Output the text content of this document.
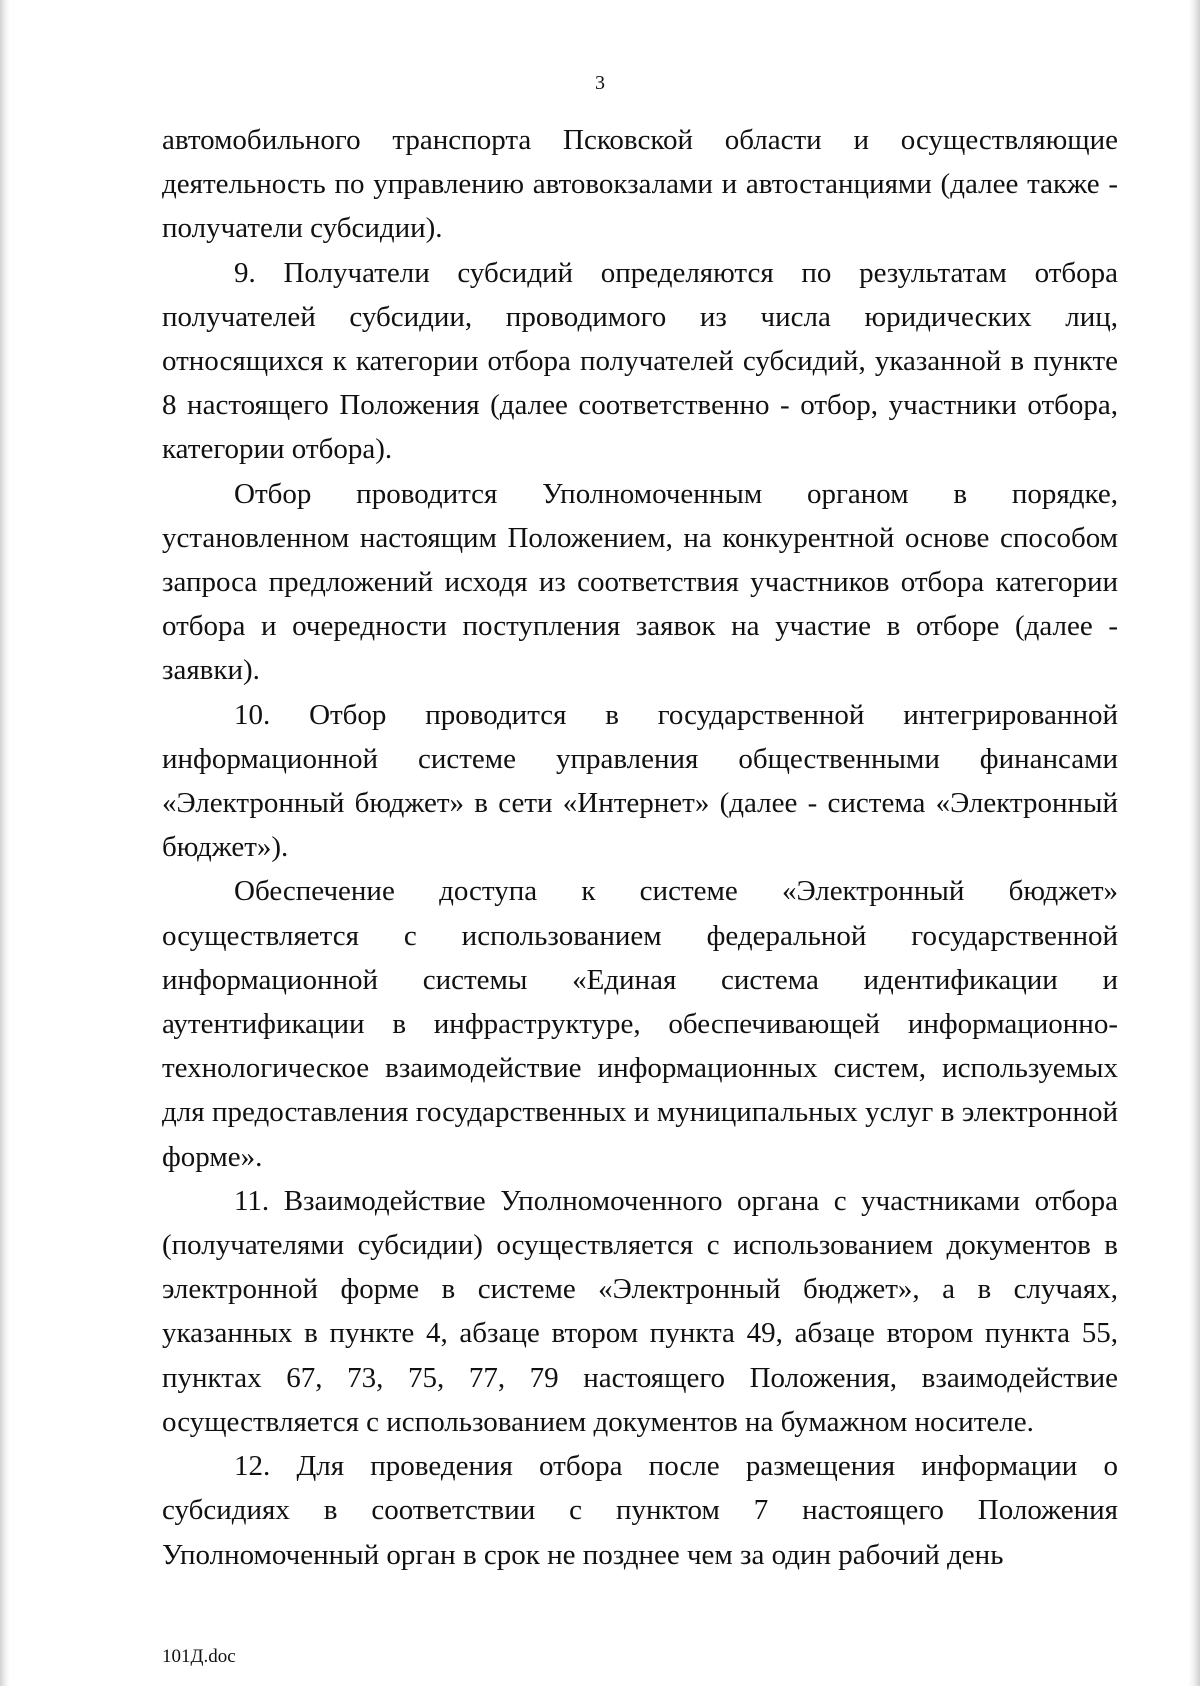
3

автомобильного транспорта Псковской области и осуществляющие деятельность по управлению автовокзалами и автостанциями (далее также - получатели субсидии).

9. Получатели субсидий определяются по результатам отбора получателей субсидии, проводимого из числа юридических лиц, относящихся к категории отбора получателей субсидий, указанной в пункте 8 настоящего Положения (далее соответственно - отбор, участники отбора, категории отбора).

Отбор проводится Уполномоченным органом в порядке, установленном настоящим Положением, на конкурентной основе способом запроса предложений исходя из соответствия участников отбора категории отбора и очередности поступления заявок на участие в отборе (далее - заявки).

10. Отбор проводится в государственной интегрированной информационной системе управления общественными финансами «Электронный бюджет» в сети «Интернет» (далее - система «Электронный бюджет»).

Обеспечение доступа к системе «Электронный бюджет» осуществляется с использованием федеральной государственной информационной системы «Единая система идентификации и аутентификации в инфраструктуре, обеспечивающей информационно-технологическое взаимодействие информационных систем, используемых для предоставления государственных и муниципальных услуг в электронной форме».

11. Взаимодействие Уполномоченного органа с участниками отбора (получателями субсидии) осуществляется с использованием документов в электронной форме в системе «Электронный бюджет», а в случаях, указанных в пункте 4, абзаце втором пункта 49, абзаце втором пункта 55, пунктах 67, 73, 75, 77, 79 настоящего Положения, взаимодействие осуществляется с использованием документов на бумажном носителе.

12. Для проведения отбора после размещения информации о субсидиях в соответствии с пунктом 7 настоящего Положения Уполномоченный орган в срок не позднее чем за один рабочий день

101Д.doc
